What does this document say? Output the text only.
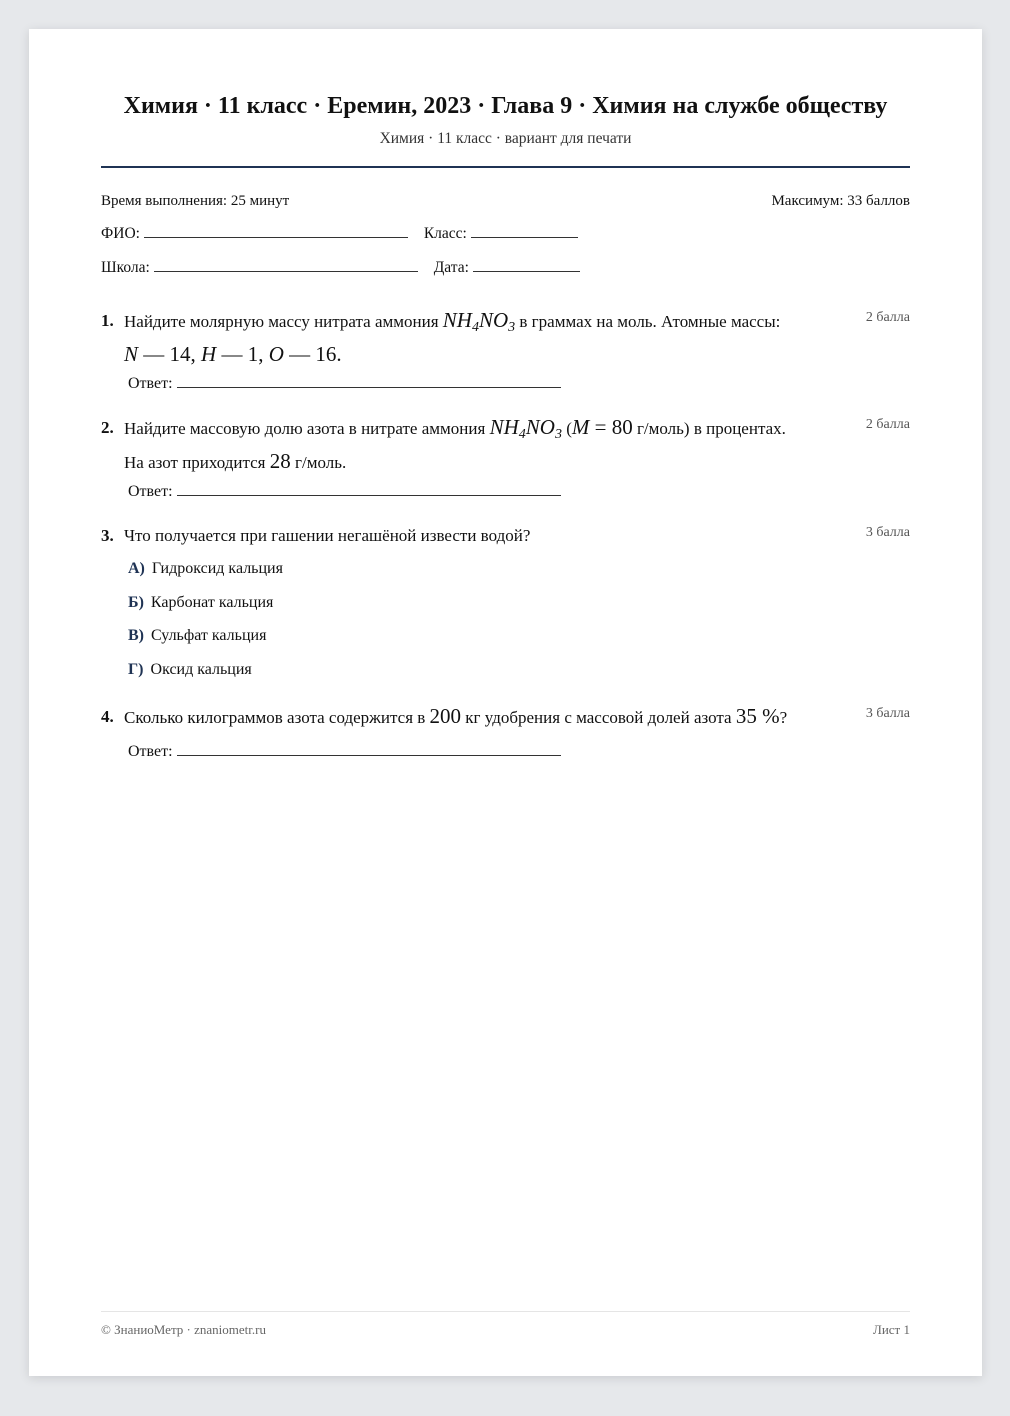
Химия · 11 класс · Еремин, 2023 · Глава 9 · Химия на службе обществу
Химия · 11 класс · вариант для печати
Время выполнения: 25 минут	Максимум: 33 баллов
ФИО:	Класс:
Школа:	Дата:
1. Найдите молярную массу нитрата аммония $NH_4NO_3$ в граммах на моль. Атомные массы:
N — 14, H — 1, O — 16.
2 балла
Ответ:
2. Найдите массовую долю азота в нитрате аммония $NH_4NO_3$ (M = 80 г/моль) в процентах.
На азот приходится 28 г/моль.
2 балла
Ответ:
3. Что получается при гашении негашёной извести водой?	3 балла
А) Гидроксид кальция
Б) Карбонат кальция
В) Сульфат кальция
Г) Оксид кальция
4. Сколько килограммов азота содержится в 200 кг удобрения с массовой долей азота 35 %?	3 балла
Ответ:
© ЗнаниоМетр · znaniometr.ru	Лист 1
